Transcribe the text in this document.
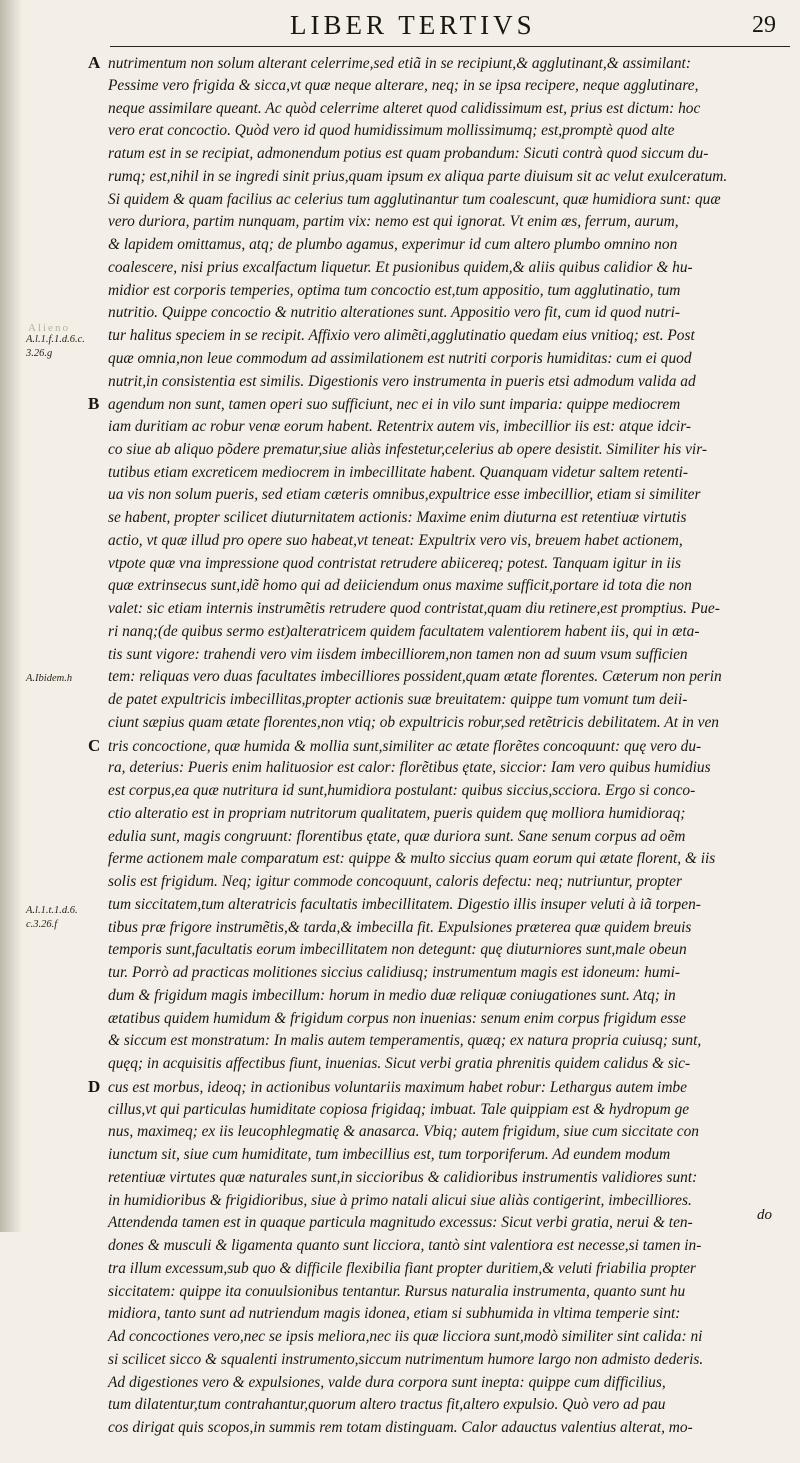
LIBER TERTIVS	29
Alieno
A.l.1.f.1.d.6.c. 3.26.g
A.Ibidem.h
A.l.1.t.1.d.6. c.3.26.f
A nutrimentum non solum alterant celerrime,sed etiã in se recipiunt,& agglutinant,& assimilant:
Pessime vero frigida & sicca,vt quæ neque alterare, neq; in se ipsa recipere, neque agglutinare,
neque assimilare queant. Ac quòd celerrime alteret quod calidissimum est, prius est dictum: hoc
vero erat concoctio. Quòd vero id quod humidissimum mollissimumq; est,promptè quod alte
ratum est in se recipiat, admonendum potius est quam probandum: Sicuti contrà quod siccum du-
rumq; est,nihil in se ingredi sinit prius,quam ipsum ex aliqua parte diuisum sit ac velut exulceratum.
Si quidem & quam facilius ac celerius tum agglutinantur tum coalescunt, quæ humidiora sunt: quæ
vero duriora, partim nunquam, partim vix: nemo est qui ignorat. Vt enim æs, ferrum, aurum,
& lapidem omittamus, atq; de plumbo agamus, experimur id cum altero plumbo omnino non
coalescere, nisi prius excalfactum liquetur. Et pusionibus quidem,& aliis quibus calidior & hu-
midior est corporis temperies, optima tum concoctio est,tum appositio, tum agglutinatio, tum
nutritio. Quippe concoctio & nutritio alterationes sunt. Appositio vero fit, cum id quod nutri-
tur halitus speciem in se recipit. Affixio vero alimẽti,agglutinatio quedam eius vnitioq; est. Post
quæ omnia,non leue commodum ad assimilationem est nutriti corporis humiditas: cum ei quod
nutrit,in consistentia est similis. Digestionis vero instrumenta in pueris etsi admodum valida ad
B agendum non sunt, tamen operi suo sufficiunt, nec ei in vilo sunt imparia: quippe mediocrem
iam duritiam ac robur venæ eorum habent. Retentrix autem vis, imbecillior iis est: atque idcir-
co siue ab aliquo põdere prematur,siue aliàs infestetur,celerius ab opere desistit. Similiter his vir-
tutibus etiam excreticem mediocrem in imbecillitate habent. Quanquam videtur saltem retenti-
ua vis non solum pueris, sed etiam cæteris omnibus,expultrice esse imbecillior, etiam si similiter
se habent, propter scilicet diuturnitatem actionis: Maxime enim diuturna est retentiuæ virtutis
actio, vt quæ illud pro opere suo habeat,vt teneat: Expultrix vero vis, breuem habet actionem,
vtpote quæ vna impressione quod contristat retrudere abiicereq; potest. Tanquam igitur in iis
quæ extrinsecus sunt,idẽ homo qui ad deiiciendum onus maxime sufficit,portare id tota die non
valet: sic etiam internis instrumẽtis retrudere quod contristat,quam diu retinere,est promptius. Pue-
ri nanq;(de quibus sermo est)alteratricem quidem facultatem valentiorem habent iis, qui in æta-
tis sunt vigore: trahendi vero vim iisdem imbecilliorem,non tamen non ad suum vsum sufficien
tem: reliquas vero duas facultates imbecilliores possident,quam ætate florentes. Cæterum non perin
de patet expultricis imbecillitas,propter actionis suæ breuitatem: quippe tum vomunt tum deii-
ciunt sæpius quam ætate florentes,non vtiq; ob expultricis robur,sed retẽtricis debilitatem. At in ven
C tris concoctione, quæ humida & mollia sunt,similiter ac ætate florẽtes concoquunt: quę vero du-
ra, deterius: Pueris enim halituosior est calor: florẽtibus ętate, siccior: Iam vero quibus humidius
est corpus,ea quæ nutritura id sunt,humidiora postulant: quibus siccius,scciora. Ergo si conco-
ctio alteratio est in propriam nutritorum qualitatem, pueris quidem quę molliora humidioraq;
edulia sunt, magis congruunt: florentibus ętate, quæ duriora sunt. Sane senum corpus ad oẽm
ferme actionem male comparatum est: quippe & multo siccius quam eorum qui ætate florent, & iis
solis est frigidum. Neq; igitur commode concoquunt, caloris defectu: neq; nutriuntur, propter
tum siccitatem,tum alteratricis facultatis imbecillitatem. Digestio illis insuper veluti à iã torpen-
tibus præ frigore instrumẽtis,& tarda,& imbecilla fit. Expulsiones præterea quæ quidem breuis
temporis sunt,facultatis eorum imbecillitatem non detegunt: quę diuturniores sunt,male obeun
tur. Porrò ad practicas molitiones siccius calidiusq; instrumentum magis est idoneum: humi-
dum & frigidum magis imbecillum: horum in medio duæ reliquæ coniugationes sunt. Atq; in
ætatibus quidem humidum & frigidum corpus non inuenias: senum enim corpus frigidum esse
& siccum est monstratum: In malis autem temperamentis, quæq; ex natura propria cuiusq; sunt,
quęq; in acquisitis affectibus fiunt, inuenias. Sicut verbi gratia phrenitis quidem calidus & sic-
D cus est morbus, ideoq; in actionibus voluntariis maximum habet robur: Lethargus autem imbe
cillus,vt qui particulas humiditate copiosa frigidaq; imbuat. Tale quippiam est & hydropum ge
nus, maximeq; ex iis leucophlegmatię & anasarca. Vbiq; autem frigidum, siue cum siccitate con
iunctum sit, siue cum humiditate, tum imbecillius est, tum torporiferum. Ad eundem modum
retentiuæ virtutes quæ naturales sunt,in siccioribus & calidioribus instrumentis validiores sunt:
in humidioribus & frigidioribus, siue à primo natali alicui siue aliàs contigerint, imbecilliores.
Attendenda tamen est in quaque particula magnitudo excessus: Sicut verbi gratia, nerui & ten-
dones & musculi & ligamenta quanto sunt licciora, tantò sint valentiora est necesse,si tamen in-
tra illum excessum,sub quo & difficile flexibilia fiant propter duritiem,& veluti friabilia propter
siccitatem: quippe ita conuulsionibus tentantur. Rursus naturalia instrumenta, quanto sunt hu
midiora, tanto sunt ad nutriendum magis idonea, etiam si subhumida in vltima temperie sint:
Ad concoctiones vero,nec se ipsis meliora,nec iis quæ licciora sunt,modò similiter sint calida: ni
si scilicet sicco & squalenti instrumento,siccum nutrimentum humore largo non admisto dederis.
Ad digestiones vero & expulsiones, valde dura corpora sunt inepta: quippe cum difficilius,
tum dilatentur,tum contrahantur,quorum altero tractus fit,altero expulsio. Quò vero ad pau
cos dirigat quis scopos,in summis rem totam distinguam. Calor adauctus valentius alterat, mo-
do
